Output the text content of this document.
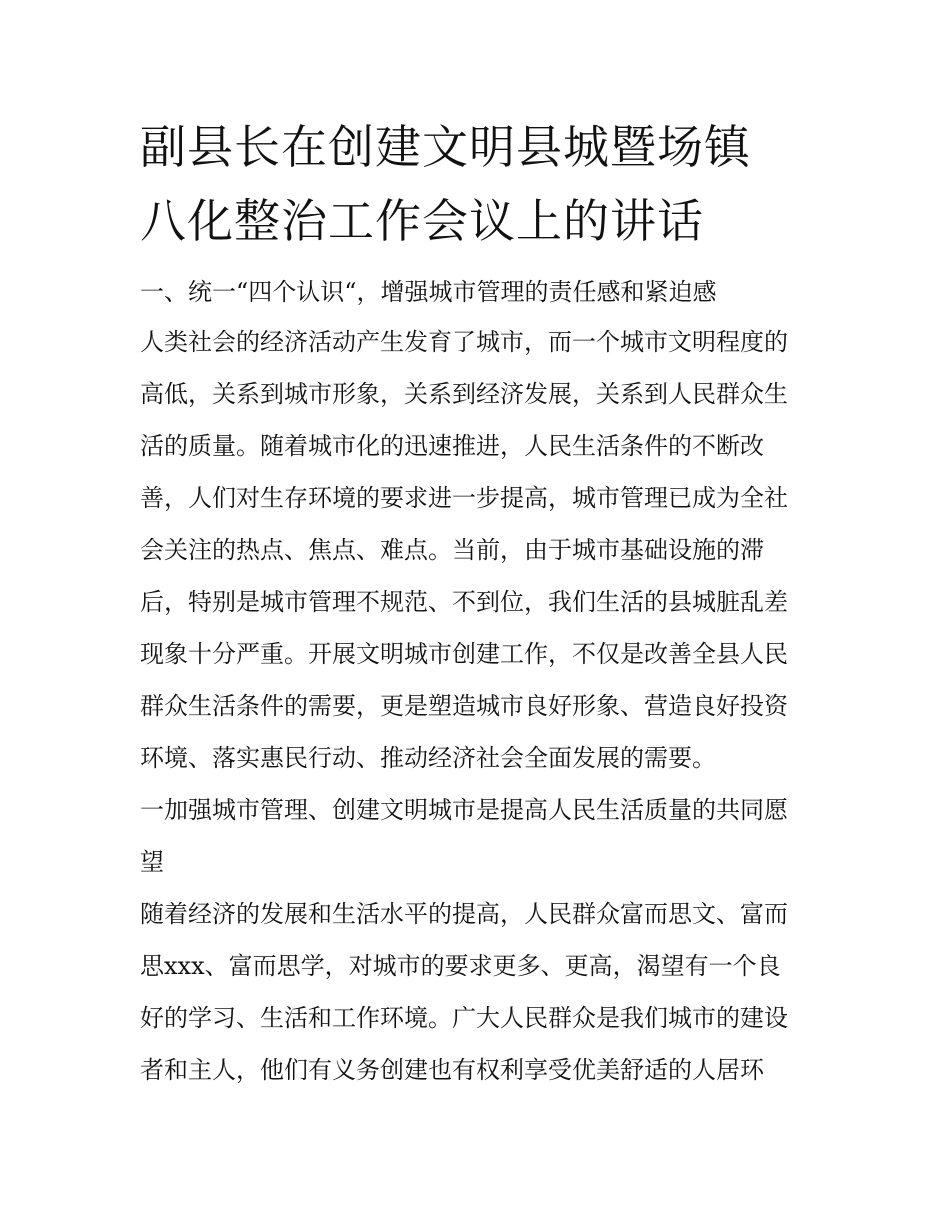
副县长在创建文明县城暨场镇
八化整治工作会议上的讲话
一、统一“四个认识“，增强城市管理的责任感和紧迫感
人类社会的经济活动产生发育了城市，而一个城市文明程度的
高低，关系到城市形象，关系到经济发展，关系到人民群众生
活的质量。随着城市化的迅速推进，人民生活条件的不断改
善，人们对生存环境的要求进一步提高，城市管理已成为全社
会关注的热点、焦点、难点。当前，由于城市基础设施的滞
后，特别是城市管理不规范、不到位，我们生活的县城脏乱差
现象十分严重。开展文明城市创建工作，不仅是改善全县人民
群众生活条件的需要，更是塑造城市良好形象、营造良好投资
环境、落实惠民行动、推动经济社会全面发展的需要。
一加强城市管理、创建文明城市是提高人民生活质量的共同愿
望
随着经济的发展和生活水平的提高，人民群众富而思文、富而
思xxx、富而思学，对城市的要求更多、更高，渴望有一个良
好的学习、生活和工作环境。广大人民群众是我们城市的建设
者和主人，他们有义务创建也有权利享受优美舒适的人居环
